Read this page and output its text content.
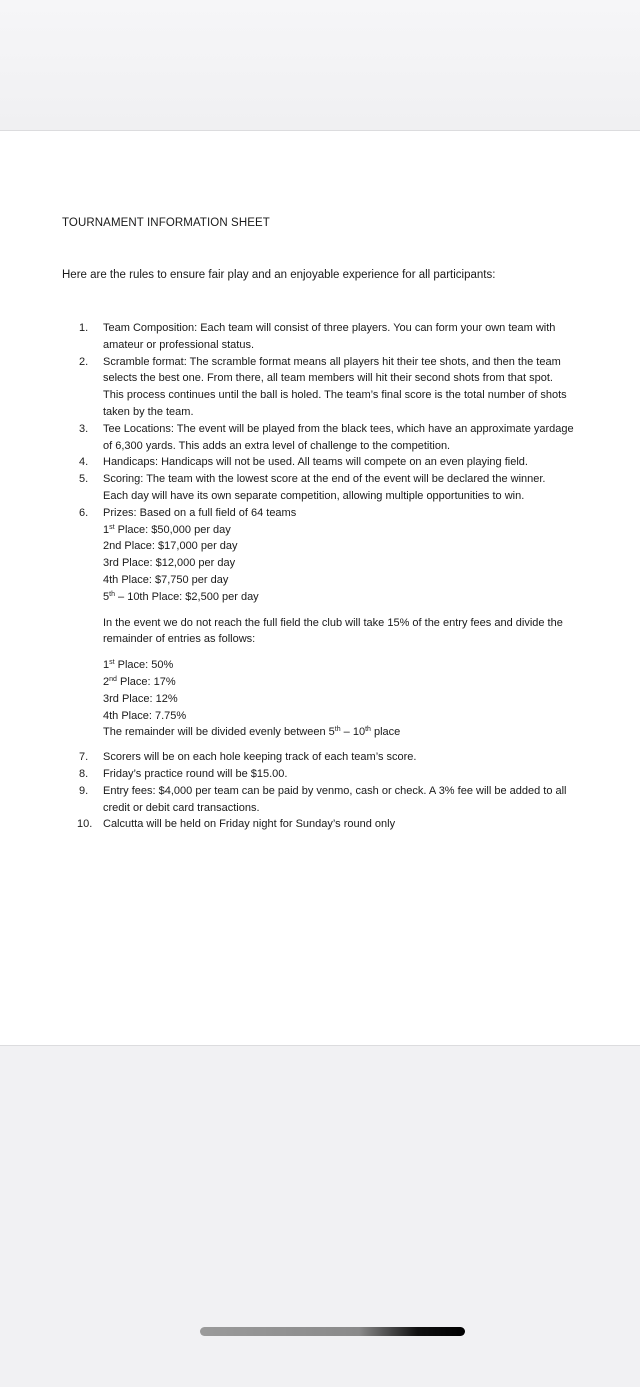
TOURNAMENT INFORMATION SHEET

Here are the rules to ensure fair play and an enjoyable experience for all participants:

1.	Team Composition: Each team will consist of three players. You can form your own team with
amateur or professional status.
2.	Scramble format: The scramble format means all players hit their tee shots, and then the team
selects the best one. From there, all team members will hit their second shots from that spot.
This process continues until the ball is holed. The team’s final score is the total number of shots
taken by the team.
3.	Tee Locations: The event will be played from the black tees, which have an approximate yardage
of 6,300 yards. This adds an extra level of challenge to the competition.
4.	Handicaps: Handicaps will not be used. All teams will compete on an even playing field.
5.	Scoring: The team with the lowest score at the end of the event will be declared the winner.
Each day will have its own separate competition, allowing multiple opportunities to win.
6.	Prizes: Based on a full field of 64 teams
1st Place: $50,000 per day
2nd Place: $17,000 per day
3rd Place: $12,000 per day
4th Place: $7,750 per day
5th – 10th Place: $2,500 per day
In the event we do not reach the full field the club will take 15% of the entry fees and divide the
remainder of entries as follows:
1st Place: 50%
2nd Place: 17%
3rd Place: 12%
4th Place: 7.75%
The remainder will be divided evenly between 5th – 10th place
7.	Scorers will be on each hole keeping track of each team’s score.
8.	Friday’s practice round will be $15.00.
9.	Entry fees: $4,000 per team can be paid by venmo, cash or check. A 3% fee will be added to all
credit or debit card transactions.
10. Calcutta will be held on Friday night for Sunday’s round only
